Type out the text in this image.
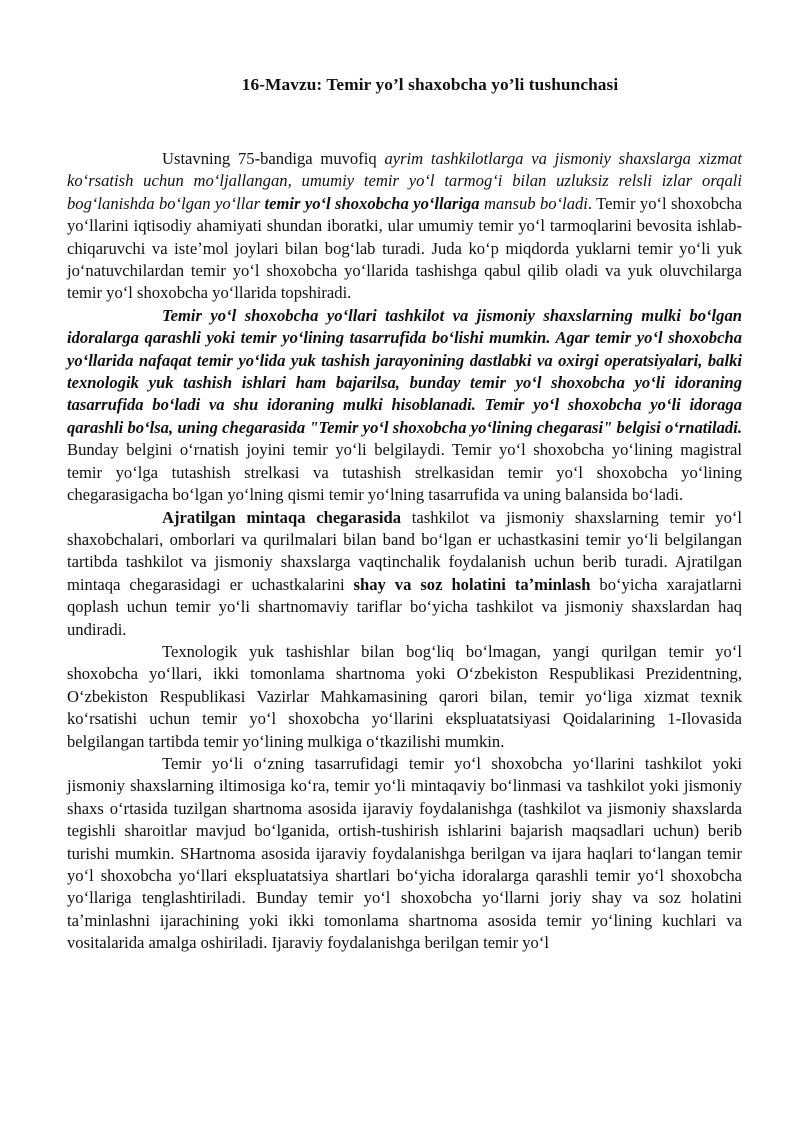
16-Mavzu: Temir yo’l shaxobcha yo’li tushunchasi

Ustavning 75-bandiga muvofiq ayrim tashkilotlarga va jismoniy shaxslarga xizmat koʻrsatish uchun moʻljallangan, umumiy temir yoʻl tarmogʻi bilan uzluksiz relsli izlar orqali bogʻlanishda boʻlgan yoʻllar temir yoʻl shoxobcha yoʻllariga mansub boʻladi. Temir yoʻl shoxobcha yoʻllarini iqtisodiy ahamiyati shundan iboratki, ular umumiy temir yoʻl tarmoqlarini bevosita ishlab-chiqaruvchi va isteʼmol joylari bilan bogʻlab turadi. Juda koʻp miqdorda yuklarni temir yoʻli yuk joʻnatuvchilardan temir yoʻl shoxobcha yoʻllarida tashishga qabul qilib oladi va yuk oluvchilarga temir yoʻl shoxobcha yoʻllarida topshiradi.

Temir yoʻl shoxobcha yoʻllari tashkilot va jismoniy shaxslarning mulki boʻlgan idoralarga qarashli yoki temir yoʻlining tasarrufida boʻlishi mumkin. Agar temir yoʻl shoxobcha yoʻllarida nafaqat temir yoʻlida yuk tashish jarayonining dastlabki va oxirgi operatsiyalari, balki texnologik yuk tashish ishlari ham bajarilsa, bunday temir yoʻl shoxobcha yoʻli idoraning tasarrufida boʻladi va shu idoraning mulki hisoblanadi. Temir yoʻl shoxobcha yoʻli idoraga qarashli boʻlsa, uning chegarasida "Temir yoʻl shoxobcha yoʻlining chegarasi" belgisi oʻrnatiladi. Bunday belgini oʻrnatish joyini temir yoʻli belgilaydi. Temir yoʻl shoxobcha yoʻlining magistral temir yoʻlga tutashish strelkasi va tutashish strelkasidan temir yoʻl shoxobcha yoʻlining chegarasigacha boʻlgan yoʻlning qismi temir yoʻlning tasarrufida va uning balansida boʻladi.

Ajratilgan mintaqa chegarasida tashkilot va jismoniy shaxslarning temir yoʻl shaxobchalari, omborlari va qurilmalari bilan band boʻlgan er uchastkasini temir yoʻli belgilangan tartibda tashkilot va jismoniy shaxslarga vaqtinchalik foydalanish uchun berib turadi. Ajratilgan mintaqa chegarasidagi er uchastkalarini shay va soz holatini taʼminlash boʻyicha xarajatlarni qoplash uchun temir yoʻli shartnomaviy tariflar boʻyicha tashkilot va jismoniy shaxslardan haq undiradi.

Texnologik yuk tashishlar bilan bogʻliq boʻlmagan, yangi qurilgan temir yoʻl shoxobcha yoʻllari, ikki tomonlama shartnoma yoki Oʻzbekiston Respublikasi Prezidentning, Oʻzbekiston Respublikasi Vazirlar Mahkamasining qarori bilan, temir yoʻliga xizmat texnik koʻrsatishi uchun temir yoʻl shoxobcha yoʻllarini ekspluatatsiyasi Qoidalarining 1-Ilovasida belgilangan tartibda temir yoʻlining mulkiga oʻtkazilishi mumkin.

Temir yoʻli oʻzning tasarrufidagi temir yoʻl shoxobcha yoʻllarini tashkilot yoki jismoniy shaxslarning iltimosiga koʻra, temir yoʻli mintaqaviy boʻlinmasi va tashkilot yoki jismoniy shaxs oʻrtasida tuzilgan shartnoma asosida ijaraviy foydalanishga (tashkilot va jismoniy shaxslarda tegishli sharoitlar mavjud boʻlganida, ortish-tushirish ishlarini bajarish maqsadlari uchun) berib turishi mumkin. SHartnoma asosida ijaraviy foydalanishga berilgan va ijara haqlari toʻlangan temir yoʻl shoxobcha yoʻllari ekspluatatsiya shartlari boʻyicha idoralarga qarashli temir yoʻl shoxobcha yoʻllariga tenglashtiriladi. Bunday temir yoʻl shoxobcha yoʻllarni joriy shay va soz holatini taʼminlashni ijarachining yoki ikki tomonlama shartnoma asosida temir yoʻlining kuchlari va vositalarida amalga oshiriladi. Ijaraviy foydalanishga berilgan temir yoʻl
